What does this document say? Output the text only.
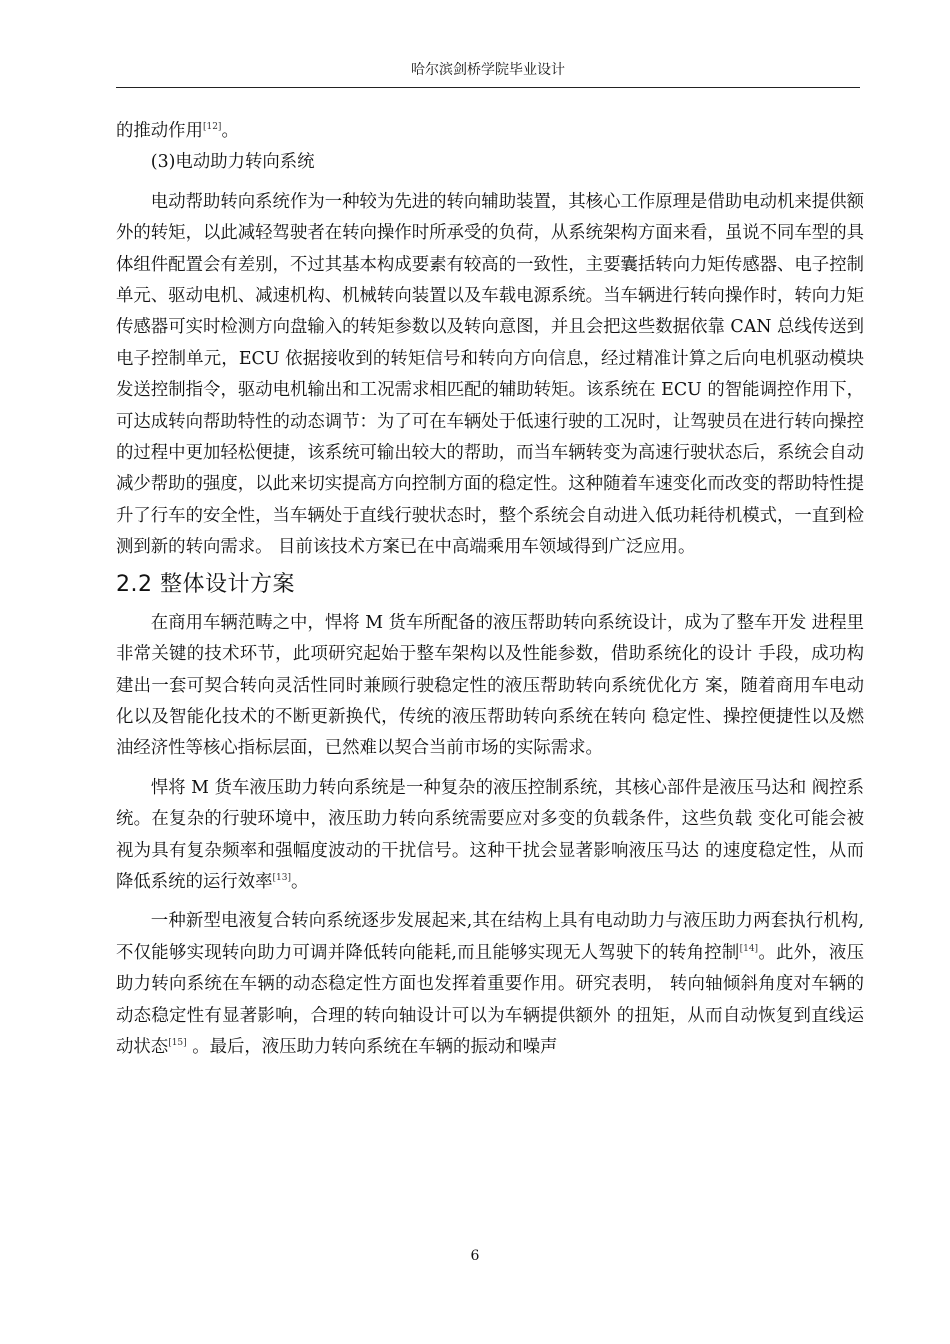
哈尔滨剑桥学院毕业设计

的推动作用[12]。

(3)电动助力转向系统

电动帮助转向系统作为一种较为先进的转向辅助装置，其核心工作原理是借助电动机来提供额外的转矩，以此减轻驾驶者在转向操作时所承受的负荷，从系统架构方面来看，虽说不同车型的具体组件配置会有差别，不过其基本构成要素有较高的一致性，主要囊括转向力矩传感器、电子控制单元、驱动电机、减速机构、机械转向装置以及车载电源系统。当车辆进行转向操作时，转向力矩传感器可实时检测方向盘输入的转矩参数以及转向意图，并且会把这些数据依靠 CAN 总线传送到电子控制单元，ECU 依据接收到的转矩信号和转向方向信息，经过精准计算之后向电机驱动模块发送控制指令，驱动电机输出和工况需求相匹配的辅助转矩。该系统在 ECU 的智能调控作用下，可达成转向帮助特性的动态调节：为了可在车辆处于低速行驶的工况时，让驾驶员在进行转向操控的过程中更加轻松便捷，该系统可输出较大的帮助，而当车辆转变为高速行驶状态后，系统会自动减少帮助的强度，以此来切实提高方向控制方面的稳定性。这种随着车速变化而改变的帮助特性提升了行车的安全性，当车辆处于直线行驶状态时，整个系统会自动进入低功耗待机模式，一直到检测到新的转向需求。 目前该技术方案已在中高端乘用车领域得到广泛应用。

2.2 整体设计方案

在商用车辆范畴之中，悍将 M 货车所配备的液压帮助转向系统设计，成为了整车开发 进程里非常关键的技术环节，此项研究起始于整车架构以及性能参数，借助系统化的设计 手段，成功构建出一套可契合转向灵活性同时兼顾行驶稳定性的液压帮助转向系统优化方 案，随着商用车电动化以及智能化技术的不断更新换代，传统的液压帮助转向系统在转向 稳定性、操控便捷性以及燃油经济性等核心指标层面，已然难以契合当前市场的实际需求。

悍将 M 货车液压助力转向系统是一种复杂的液压控制系统，其核心部件是液压马达和 阀控系统。在复杂的行驶环境中，液压助力转向系统需要应对多变的负载条件，这些负载 变化可能会被视为具有复杂频率和强幅度波动的干扰信号。这种干扰会显著影响液压马达 的速度稳定性，从而降低系统的运行效率[13]。

一种新型电液复合转向系统逐步发展起来,其在结构上具有电动助力与液压助力两套执行机构,不仅能够实现转向助力可调并降低转向能耗,而且能够实现无人驾驶下的转角控制[14]。此外，液压助力转向系统在车辆的动态稳定性方面也发挥着重要作用。研究表明， 转向轴倾斜角度对车辆的动态稳定性有显著影响，合理的转向轴设计可以为车辆提供额外 的扭矩，从而自动恢复到直线运动状态[15] 。最后，液压助力转向系统在车辆的振动和噪声

6
